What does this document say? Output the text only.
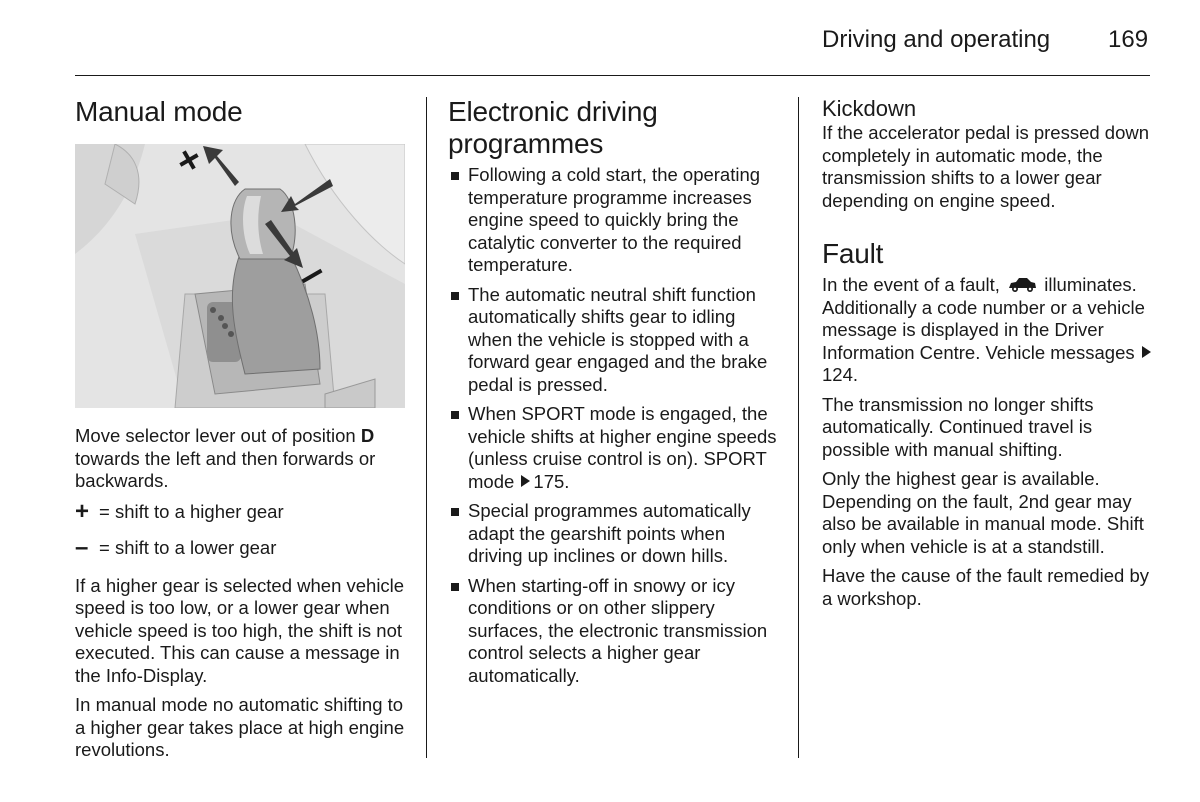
Driving and operating 169
Manual mode

Move selector lever out of position D towards the left and then forwards or backwards.

+ = shift to a higher gear
– = shift to a lower gear

If a higher gear is selected when vehicle speed is too low, or a lower gear when vehicle speed is too high, the shift is not executed. This can cause a message in the Info-Display.

In manual mode no automatic shifting to a higher gear takes place at high engine revolutions.

Electronic driving programmes
Following a cold start, the operating temperature programme increases engine speed to quickly bring the catalytic converter to the required temperature.
The automatic neutral shift function automatically shifts gear to idling when the vehicle is stopped with a forward gear engaged and the brake pedal is pressed.
When SPORT mode is engaged, the vehicle shifts at higher engine speeds (unless cruise control is on). SPORT mode 175.
Special programmes automatically adapt the gearshift points when driving up inclines or down hills.
When starting-off in snowy or icy conditions or on other slippery surfaces, the electronic transmission control selects a higher gear automatically.
Kickdown

If the accelerator pedal is pressed down completely in automatic mode, the transmission shifts to a lower gear depending on engine speed.

Fault

In the event of a fault,  illuminates. Additionally a code number or a vehicle message is displayed in the Driver Information Centre. Vehicle messages 124.

The transmission no longer shifts automatically. Continued travel is possible with manual shifting.

Only the highest gear is available. Depending on the fault, 2nd gear may also be available in manual mode. Shift only when vehicle is at a standstill.

Have the cause of the fault remedied by a workshop.
